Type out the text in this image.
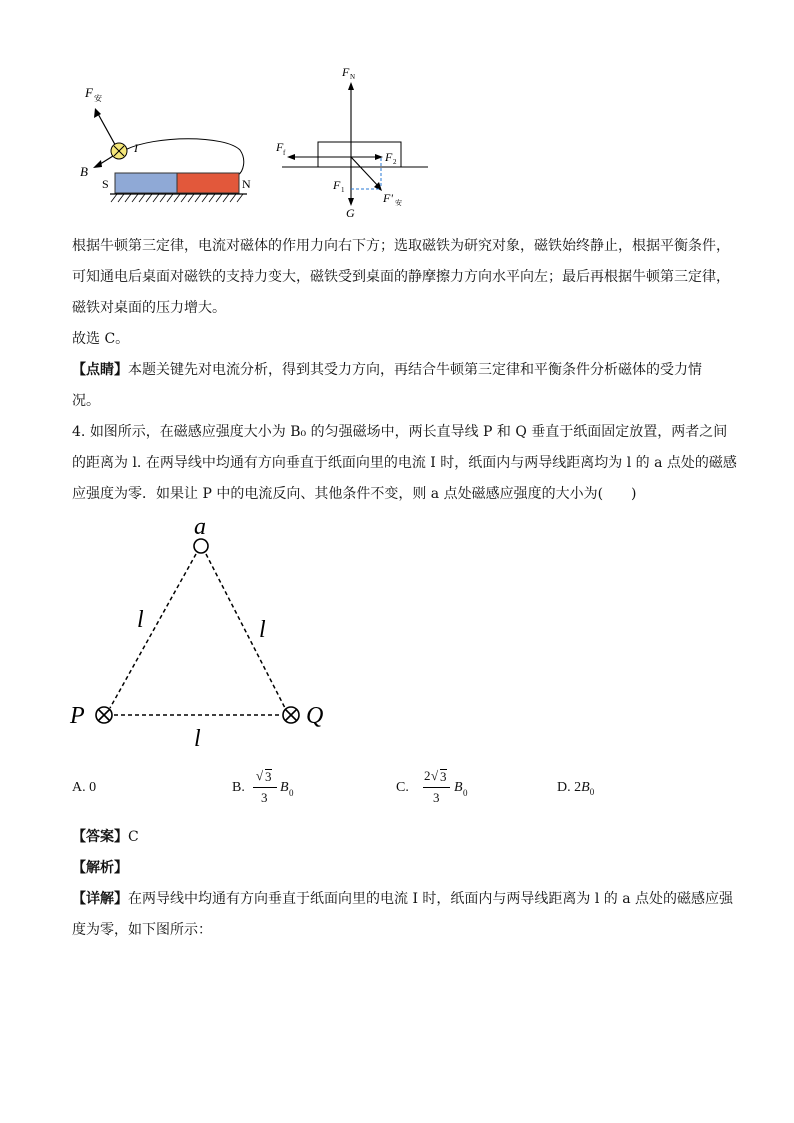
F 安
I
B
S	N
F N
F f	F 2
F 1
F' 安
G
根据牛顿第三定律，电流对磁体的作用力向右下方；选取磁铁为研究对象，磁铁始终静止，根据平衡条件，
可知通电后桌面对磁铁的支持力变大，磁铁受到桌面的静摩擦力方向水平向左；最后再根据牛顿第三定律，
磁铁对桌面的压力增大。
故选 C。
【点睛】本题关键先对电流分析，得到其受力方向，再结合牛顿第三定律和平衡条件分析磁体的受力情
况。
4. 如图所示，在磁感应强度大小为 B₀ 的匀强磁场中，两长直导线 P 和 Q 垂直于纸面固定放置，两者之间
的距离为 l. 在两导线中均通有方向垂直于纸面向里的电流 I 时，纸面内与两导线距离均为 l 的 a 点处的磁感
应强度为零．如果让 P 中的电流反向、其他条件不变，则 a 点处磁感应强度的大小为(　　)
a
P	Q
l	l
l
A. 0	B.
√ 3
3
B 0	C.
2 √ 3
3
B 0	D. $2B_0$
【答案】C
【解析】
【详解】在两导线中均通有方向垂直于纸面向里的电流 I 时，纸面内与两导线距离为 l 的 a 点处的磁感应强
度为零，如下图所示：
